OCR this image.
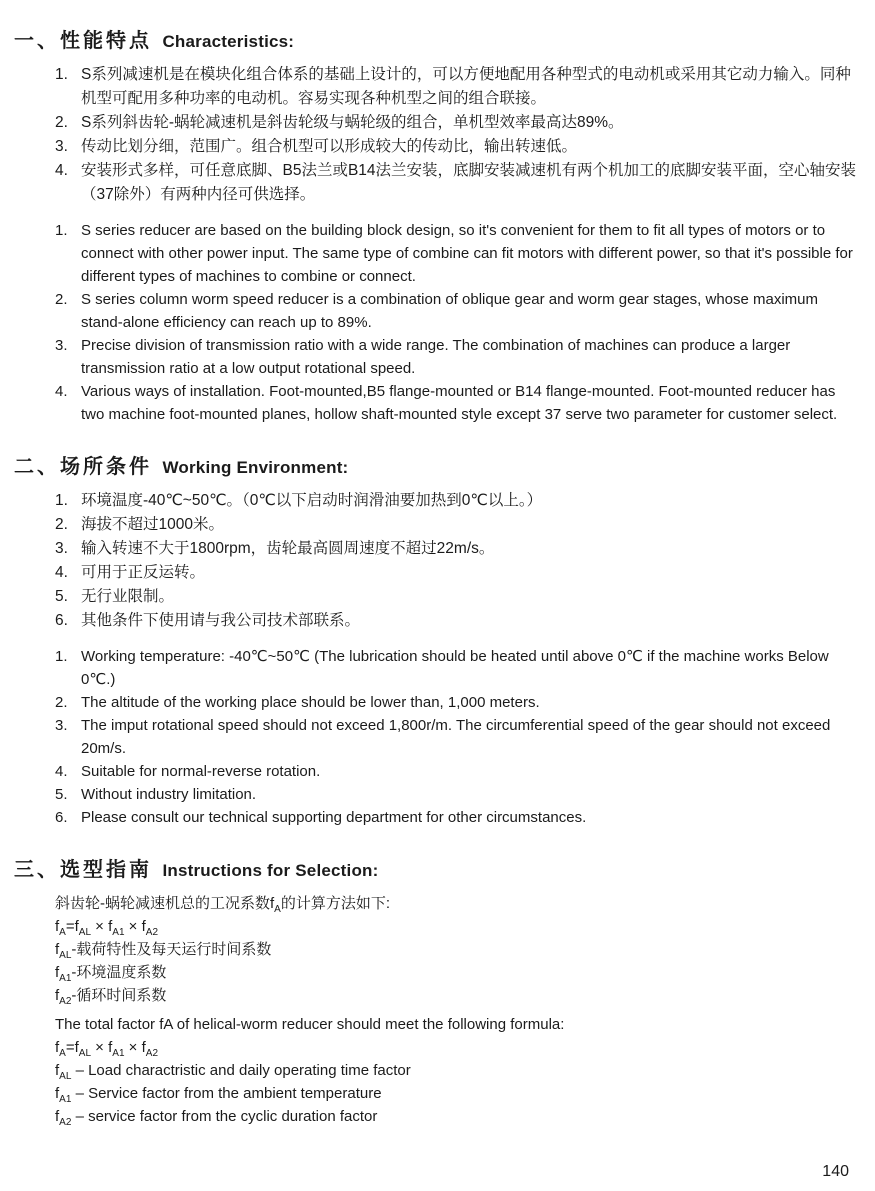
一、性能特点 Characteristics:
1. S系列减速机是在模块化组合体系的基础上设计的，可以方便地配用各种型式的电动机或采用其它动力输入。同种机型可配用多种功率的电动机。容易实现各种机型之间的组合联接。
2. S系列斜齿轮-蜗轮减速机是斜齿轮级与蜗轮级的组合，单机型效率最高达89%。
3. 传动比划分细，范围广。组合机型可以形成较大的传动比，输出转速低。
4. 安装形式多样，可任意底脚、B5法兰或B14法兰安装，底脚安装减速机有两个机加工的底脚安装平面，空心轴安装（37除外）有两种内径可供选择。
1. S series reducer are based on the building block design, so it's convenient for them to fit all types of motors or to connect with other power input. The same type of combine can fit motors with different power, so that it's possible for different types of machines to combine or connect.
2. S series column worm speed reducer is a combination of oblique gear and worm gear stages, whose maximum stand-alone efficiency can reach up to 89%.
3. Precise division of transmission ratio with a wide range. The combination of machines can produce a larger transmission ratio at a low output rotational speed.
4. Various ways of installation. Foot-mounted,B5 flange-mounted or B14 flange-mounted. Foot-mounted reducer has two machine foot-mounted planes, hollow shaft-mounted style except 37 serve two parameter for customer select.
二、场所条件 Working Environment:
1. 环境温度-40℃~50℃。（0℃以下启动时润滑油要加热到0℃以上。）
2. 海拔不超过1000米。
3. 输入转速不大于1800rpm，齿轮最高圆周速度不超过22m/s。
4. 可用于正反运转。
5. 无行业限制。
6. 其他条件下使用请与我公司技术部联系。
1. Working temperature: -40℃~50℃ (The lubrication should be heated until above 0℃ if the machine works Below 0℃.)
2. The altitude of the working place should be lower than, 1,000 meters.
3. The imput rotational speed should not exceed 1,800r/m. The circumferential speed of the gear should not exceed 20m/s.
4. Suitable for normal-reverse rotation.
5. Without industry limitation.
6. Please consult our technical supporting department for other circumstances.
三、选型指南 Instructions for Selection:
斜齿轮-蜗轮减速机总的工况系数$f_A$的计算方法如下:
$f_A=f_{AL} \times f_{A1} \times f_{A2}$
$f_{AL}-$载荷特性及每天运行时间系数
$f_{A1}-$环境温度系数
$f_{A2}-$循环时间系数
The total factor fA of helical-worm reducer should meet the following formula:
$f_A=f_{AL} \times f_{A1} \times f_{A2}$
$f_{AL}$ – Load charactristic and daily operating time factor
$f_{A1}$ – Service factor from the ambient temperature
$f_{A2}$ – service factor from the cyclic duration factor
140
